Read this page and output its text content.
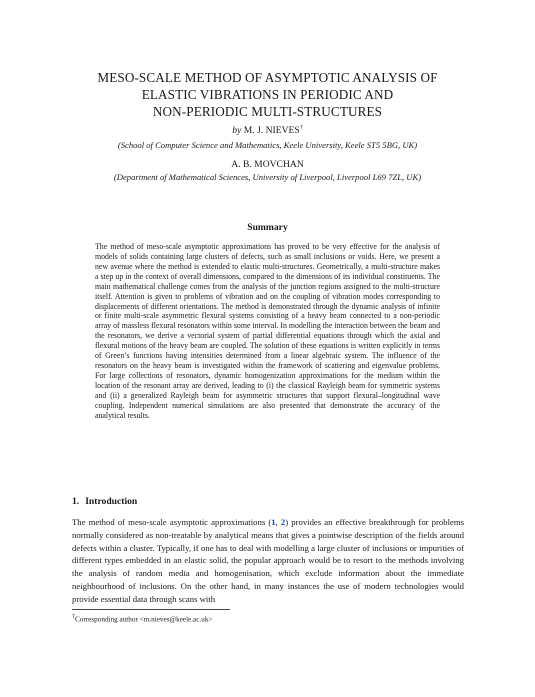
MESO-SCALE METHOD OF ASYMPTOTIC ANALYSIS OF
ELASTIC VIBRATIONS IN PERIODIC AND
NON-PERIODIC MULTI-STRUCTURES
by M. J. NIEVES†
(School of Computer Science and Mathematics, Keele University, Keele ST5 5BG, UK)
A. B. MOVCHAN
(Department of Mathematical Sciences, University of Liverpool, Liverpool L69 7ZL, UK)
Summary
The method of meso-scale asymptotic approximations has proved to be very effective for the analysis of models of solids containing large clusters of defects, such as small inclusions or voids. Here, we present a new avenue where the method is extended to elastic multi-structures. Geometrically, a multi-structure makes a step up in the context of overall dimensions, compared to the dimensions of its individual constituents. The main mathematical challenge comes from the analysis of the junction regions assigned to the multi-structure itself. Attention is given to problems of vibration and on the coupling of vibration modes corresponding to displacements of different orientations. The method is demonstrated through the dynamic analysis of infinite or finite multi-scale asymmetric flexural systems consisting of a heavy beam connected to a non-periodic array of massless flexural resonators within some interval. In modelling the interaction between the beam and the resonators, we derive a vectorial system of partial differential equations through which the axial and flexural motions of the heavy beam are coupled. The solution of these equations is written explicitly in terms of Green’s functions having intensities determined from a linear algebraic system. The influence of the resonators on the heavy beam is investigated within the framework of scattering and eigenvalue problems. For large collections of resonators, dynamic homogenization approximations for the medium within the location of the resonant array are derived, leading to (i) the classical Rayleigh beam for symmetric systems and (ii) a generalized Rayleigh beam for asymmetric structures that support flexural–longitudinal wave coupling. Independent numerical simulations are also presented that demonstrate the accuracy of the analytical results.
1. Introduction
The method of meso-scale asymptotic approximations (1, 2) provides an effective breakthrough for problems normally considered as non-treatable by analytical means that gives a pointwise description of the fields around defects within a cluster. Typically, if one has to deal with modelling a large cluster of inclusions or impurities of different types embedded in an elastic solid, the popular approach would be to resort to the methods involving the analysis of random media and homogenisation, which exclude information about the immediate neighbourhood of inclusions. On the other hand, in many instances the use of modern technologies would provide essential data through scans with
†Corresponding author <m.nieves@keele.ac.uk>
